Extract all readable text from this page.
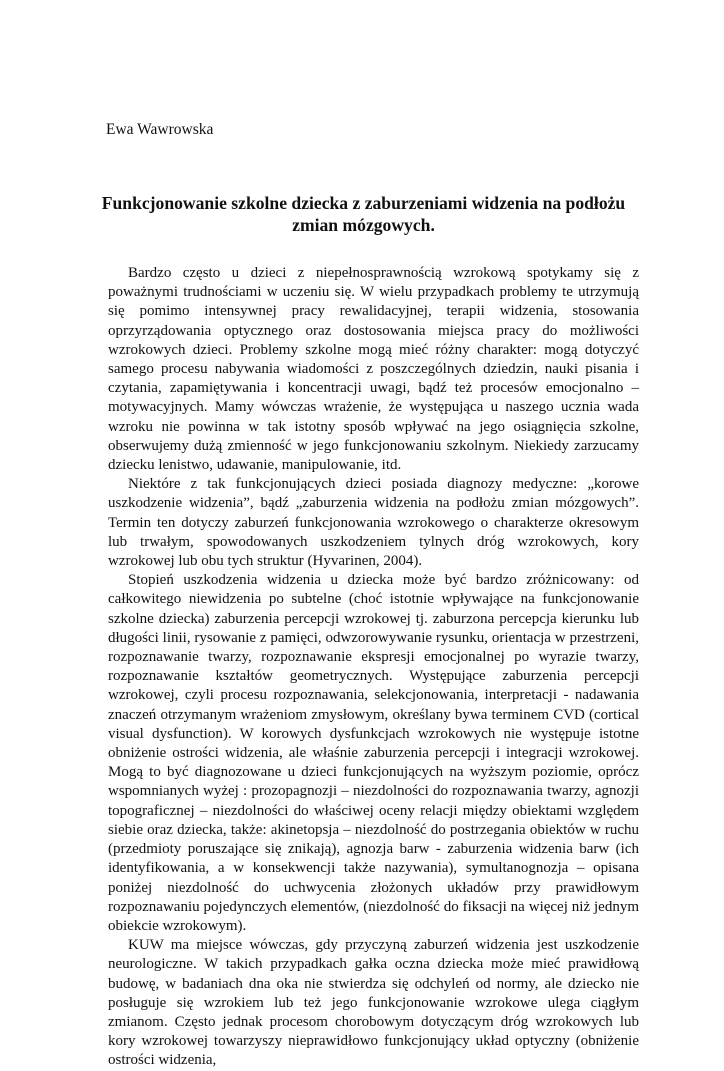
Ewa Wawrowska

Funkcjonowanie szkolne dziecka z zaburzeniami widzenia na podłożu zmian mózgowych.

Bardzo często u dzieci z niepełnosprawnością wzrokową spotykamy się z poważnymi trudnościami w uczeniu się. W wielu przypadkach problemy te utrzymują się pomimo intensywnej pracy rewalidacyjnej, terapii widzenia, stosowania oprzyrządowania optycznego oraz dostosowania miejsca pracy do możliwości wzrokowych dzieci. Problemy szkolne mogą mieć różny charakter: mogą dotyczyć samego procesu nabywania wiadomości z poszczególnych dziedzin, nauki pisania i czytania, zapamiętywania i koncentracji uwagi, bądź też procesów emocjonalno – motywacyjnych. Mamy wówczas wrażenie, że występująca u naszego ucznia wada wzroku nie powinna w tak istotny sposób wpływać na jego osiągnięcia szkolne, obserwujemy dużą zmienność w jego funkcjonowaniu szkolnym. Niekiedy zarzucamy dziecku lenistwo, udawanie, manipulowanie, itd.

Niektóre z tak funkcjonujących dzieci posiada diagnozy medyczne: „korowe uszkodzenie widzenia”, bądź „zaburzenia widzenia na podłożu zmian mózgowych”. Termin ten dotyczy zaburzeń funkcjonowania wzrokowego o charakterze okresowym lub trwałym, spowodowanych uszkodzeniem tylnych dróg wzrokowych, kory wzrokowej lub obu tych struktur (Hyvarinen, 2004).

Stopień uszkodzenia widzenia u dziecka może być bardzo zróżnicowany: od całkowitego niewidzenia po subtelne (choć istotnie wpływające na funkcjonowanie szkolne dziecka) zaburzenia percepcji wzrokowej tj. zaburzona percepcja kierunku lub długości linii, rysowanie z pamięci, odwzorowywanie rysunku, orientacja w przestrzeni, rozpoznawanie twarzy, rozpoznawanie ekspresji emocjonalnej po wyrazie twarzy, rozpoznawanie kształtów geometrycznych. Występujące zaburzenia percepcji wzrokowej, czyli procesu rozpoznawania, selekcjonowania, interpretacji - nadawania znaczeń otrzymanym wrażeniom zmysłowym, określany bywa terminem CVD (cortical visual dysfunction). W korowych dysfunkcjach wzrokowych nie występuje istotne obniżenie ostrości widzenia, ale właśnie zaburzenia percepcji i integracji wzrokowej. Mogą to być diagnozowane u dzieci funkcjonujących na wyższym poziomie, oprócz wspomnianych wyżej : prozopagnozji – niezdolności do rozpoznawania twarzy, agnozji topograficznej – niezdolności do właściwej oceny relacji między obiektami względem siebie oraz dziecka, także: akinetopsja – niezdolność do postrzegania obiektów w ruchu (przedmioty poruszające się znikają), agnozja barw - zaburzenia widzenia barw (ich identyfikowania, a w konsekwencji także nazywania), symultanognozja – opisana poniżej niezdolność do uchwycenia złożonych układów przy prawidłowym rozpoznawaniu pojedynczych elementów, (niezdolność do fiksacji na więcej niż jednym obiekcie wzrokowym).

KUW ma miejsce wówczas, gdy przyczyną zaburzeń widzenia jest uszkodzenie neurologiczne. W takich przypadkach gałka oczna dziecka może mieć prawidłową budowę, w badaniach dna oka nie stwierdza się odchyleń od normy, ale dziecko nie posługuje się wzrokiem lub też jego funkcjonowanie wzrokowe ulega ciągłym zmianom. Często jednak procesom chorobowym dotyczącym dróg wzrokowych lub kory wzrokowej towarzyszy nieprawidłowo funkcjonujący układ optyczny (obniżenie ostrości widzenia,
